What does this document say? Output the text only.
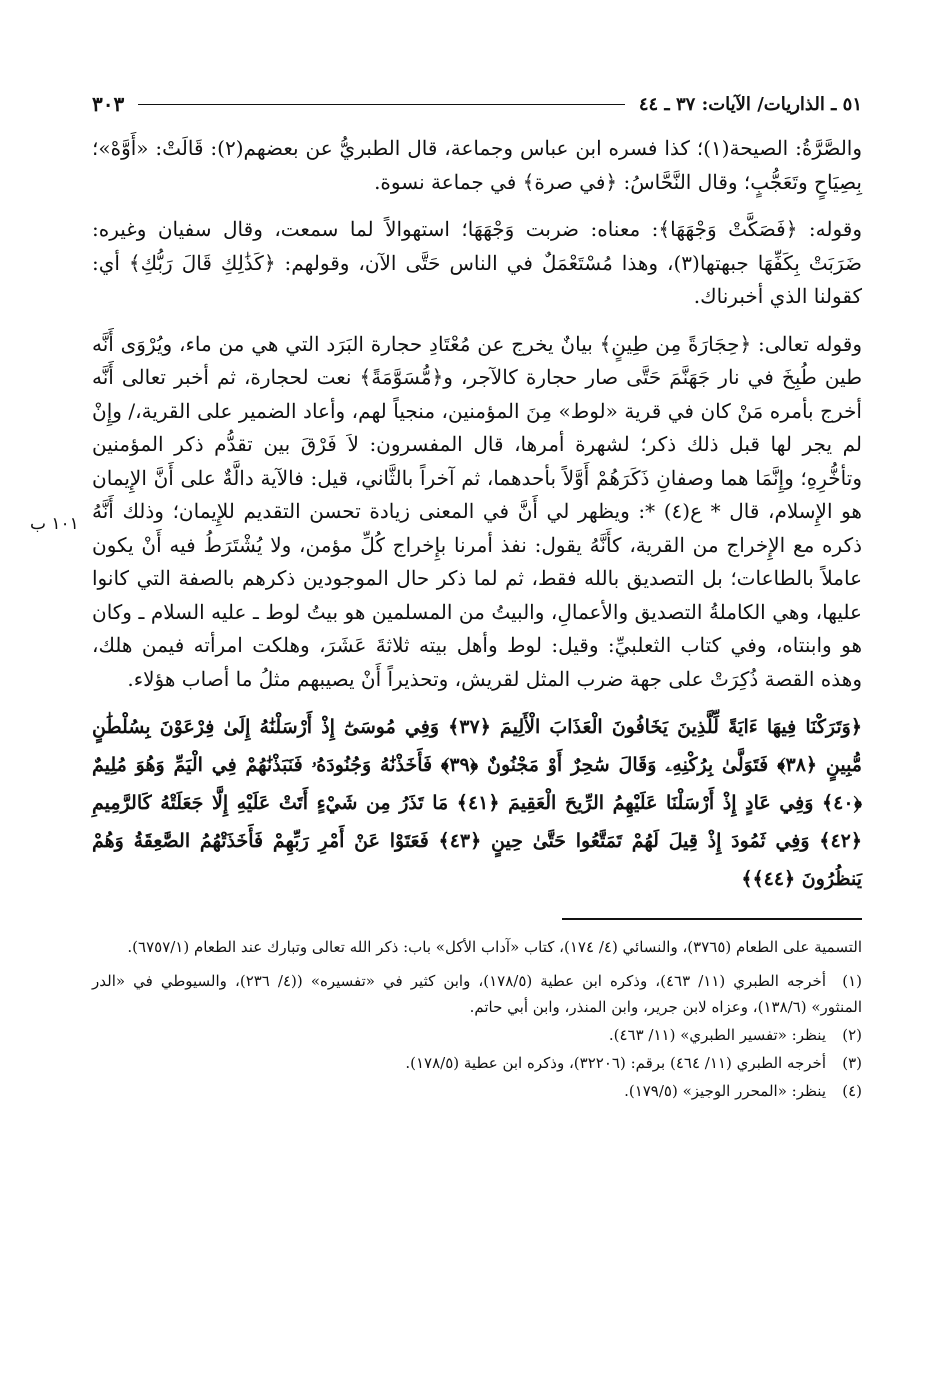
١٠١ ب
٥١ ـ الذاريات/ الآيات: ٣٧ ـ ٤٤
٣٠٣

والصَّرَّةُ: الصيحة(١)؛ كذا فسره ابن عباس وجماعة، قال الطبريُّ عن بعضهم(٢): قَالَتْ: «أَوَّهْ»؛ بِصِيَاحٍ وتَعَجُّبٍ؛ وقال النَّحَّاسُ: ﴿في صرة﴾ في جماعة نسوة.

وقوله: ﴿فَصَكَّتْ وَجْهَهَا﴾: معناه: ضربت وَجْهَهَا؛ استهوالاً لما سمعت، وقال سفيان وغيره: ضَرَبَتْ بِكَفِّهَا جبهتها(٣)، وهذا مُسْتَعْمَلٌ في الناس حَتَّى الآن، وقولهم: ﴿كَذَٰلِكِ قَالَ رَبُّكِ﴾ أي: كقولنا الذي أخبرناك.

وقوله تعالى: ﴿حِجَارَةً مِن طِينٍ﴾ بيانٌ يخرج عن مُعْتَادِ حجارة البَرَد التي هي من ماء، ويُرْوَى أَنَّه طين طُبِخَ في نار جَهَنَّمَ حَتَّى صار حجارة كالآجر، و﴿مُّسَوَّمَةً﴾ نعت لحجارة، ثم أخبر تعالى أَنَّه أخرج بأمره مَنْ كان في قرية «لوط» مِنَ المؤمنين، منجياً لهم، وأعاد الضمير على القرية،/ وإِنْ لم يجر لها قبل ذلك ذكر؛ لشهرة أمرها، قال المفسرون: لاَ فَرْقَ بين تقدُّم ذكر المؤمنين وتأخُّرِهِ؛ وإِنَّمَا هما وصفانِ ذَكَرَهُمْ أَوَّلاً بأحدهما، ثم آخراً بالثَّاني، قيل: فالآية دالَّةٌ على أَنَّ الإِيمان هو الإِسلام، قال * ع(٤) *: ويظهر لي أَنَّ في المعنى زيادة تحسن التقديم للإِيمان؛ وذلك أَنَّهُ ذكره مع الإِخراج من القرية، كأَنَّهُ يقول: نفذ أمرنا بإِخراج كُلِّ مؤمن، ولا يُشْتَرَطُ فيه أَنْ يكون عاملاً بالطاعات؛ بل التصديق بالله فقط، ثم لما ذكر حال الموجودين ذكرهم بالصفة التي كانوا عليها، وهي الكاملةُ التصديق والأعمالِ، والبيتُ من المسلمين هو بيتُ لوط ـ عليه السلام ـ وكان هو وابنتاه، وفي كتاب الثعلبيِّ: وقيل: لوط وأهل بيته ثلاثةَ عَشَرَ، وهلكت امرأته فيمن هلك، وهذه القصة ذُكِرَتْ على جهة ضرب المثل لقريش، وتحذيراً أَنْ يصيبهم مثلُ ما أصاب هؤلاء.

﴿وَتَرَكْنَا فِيهَا ءَايَةً لِّلَّذِينَ يَخَافُونَ الْعَذَابَ الْأَلِيمَ ﴿٣٧﴾ وَفِي مُوسَىٰٓ إِذْ أَرْسَلْنَٰهُ إِلَىٰ فِرْعَوْنَ بِسُلْطَٰنٍ مُّبِينٍ ﴿٣٨﴾ فَتَوَلَّىٰ بِرُكْنِهِۦ وَقَالَ سَٰحِرٌ أَوْ مَجْنُونٌ ﴿٣٩﴾ فَأَخَذْنَٰهُ وَجُنُودَهُۥ فَنَبَذْنَٰهُمْ فِي الْيَمِّ وَهُوَ مُلِيمٌ ﴿٤٠﴾ وَفِي عَادٍ إِذْ أَرْسَلْنَا عَلَيْهِمُ الرِّيحَ الْعَقِيمَ ﴿٤١﴾ مَا تَذَرُ مِن شَيْءٍ أَتَتْ عَلَيْهِ إِلَّا جَعَلَتْهُ كَالرَّمِيمِ ﴿٤٢﴾ وَفِي ثَمُودَ إِذْ قِيلَ لَهُمْ تَمَتَّعُوا حَتَّىٰ حِينٍ ﴿٤٣﴾ فَعَتَوْا عَنْ أَمْرِ رَبِّهِمْ فَأَخَذَتْهُمُ الصَّٰعِقَةُ وَهُمْ يَنظُرُونَ ﴿٤٤﴾﴾

التسمية على الطعام (٣٧٦٥)، والنسائي (٤/ ١٧٤)، كتاب «آداب الأكل» باب: ذكر الله تعالى وتبارك عند الطعام (٦٧٥٧/١).

(١)أخرجه الطبري (١١/ ٤٦٣)، وذكره ابن عطية (١٧٨/٥)، وابن كثير في «تفسيره» ((٤/ ٢٣٦)، والسيوطي في «الدر المنثور» (١٣٨/٦)، وعزاه لابن جرير، وابن المنذر، وابن أبي حاتم.

(٢)ينظر: «تفسير الطبري» (١١/ ٤٦٣).

(٣)أخرجه الطبري (١١/ ٤٦٤) برقم: (٣٢٢٠٦)، وذكره ابن عطية (١٧٨/٥).

(٤)ينظر: «المحرر الوجيز» (١٧٩/٥).
